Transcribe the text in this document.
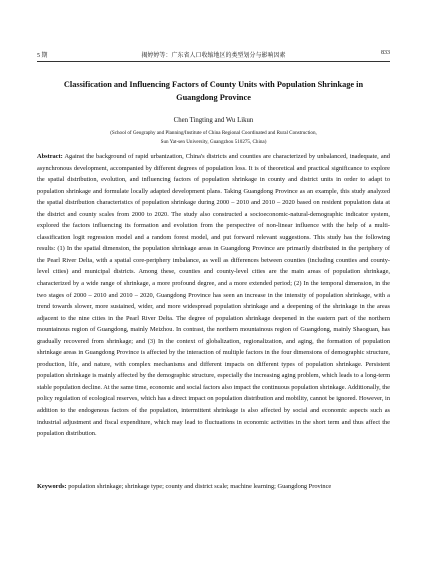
5 期	揭婷婷等：广东省人口收缩地区的类型划分与影响因素	833
Classification and Influencing Factors of County Units with Population Shrinkage in Guangdong Province
Chen Tingting and Wu Likun
(School of Geography and Planning/Institute of China Regional Coordinated and Rural Construction,
Sun Yat-sen University, Guangzhou 510275, China)
Abstract: Against the background of rapid urbanization, China's districts and counties are characterized by unbalanced, inadequate, and asynchronous development, accompanied by different degrees of population loss. It is of theoretical and practical significance to explore the spatial distribution, evolution, and influencing factors of population shrinkage in county and district units in order to adapt to population shrinkage and formulate locally adapted development plans. Taking Guangdong Province as an example, this study analyzed the spatial distribution characteristics of population shrinkage during 2000 – 2010 and 2010 – 2020 based on resident population data at the district and county scales from 2000 to 2020. The study also constructed a socioeconomic-natural-demographic indicator system, explored the factors influencing its formation and evolution from the perspective of non-linear influence with the help of a multi-classification logit regression model and a random forest model, and put forward relevant suggestions. This study has the following results: (1) In the spatial dimension, the population shrinkage areas in Guangdong Province are primarily distributed in the periphery of the Pearl River Delta, with a spatial core-periphery imbalance, as well as differences between counties (including counties and county-level cities) and municipal districts. Among these, counties and county-level cities are the main areas of population shrinkage, characterized by a wide range of shrinkage, a more profound degree, and a more extended period; (2) In the temporal dimension, in the two stages of 2000 – 2010 and 2010 – 2020, Guangdong Province has seen an increase in the intensity of population shrinkage, with a trend towards slower, more sustained, wider, and more widespread population shrinkage and a deepening of the shrinkage in the areas adjacent to the nine cities in the Pearl River Delta. The degree of population shrinkage deepened in the eastern part of the northern mountainous region of Guangdong, mainly Meizhou. In contrast, the northern mountainous region of Guangdong, mainly Shaoguan, has gradually recovered from shrinkage; and (3) In the context of globalization, regionalization, and aging, the formation of population shrinkage areas in Guangdong Province is affected by the interaction of multiple factors in the four dimensions of demographic structure, production, life, and nature, with complex mechanisms and different impacts on different types of population shrinkage. Persistent population shrinkage is mainly affected by the demographic structure, especially the increasing aging problem, which leads to a long-term stable population decline. At the same time, economic and social factors also impact the continuous population shrinkage. Additionally, the policy regulation of ecological reserves, which has a direct impact on population distribution and mobility, cannot be ignored. However, in addition to the endogenous factors of the population, intermittent shrinkage is also affected by social and economic aspects such as industrial adjustment and fiscal expenditure, which may lead to fluctuations in economic activities in the short term and thus affect the population distribution.
Keywords: population shrinkage; shrinkage type; county and district scale; machine learning; Guangdong Province
